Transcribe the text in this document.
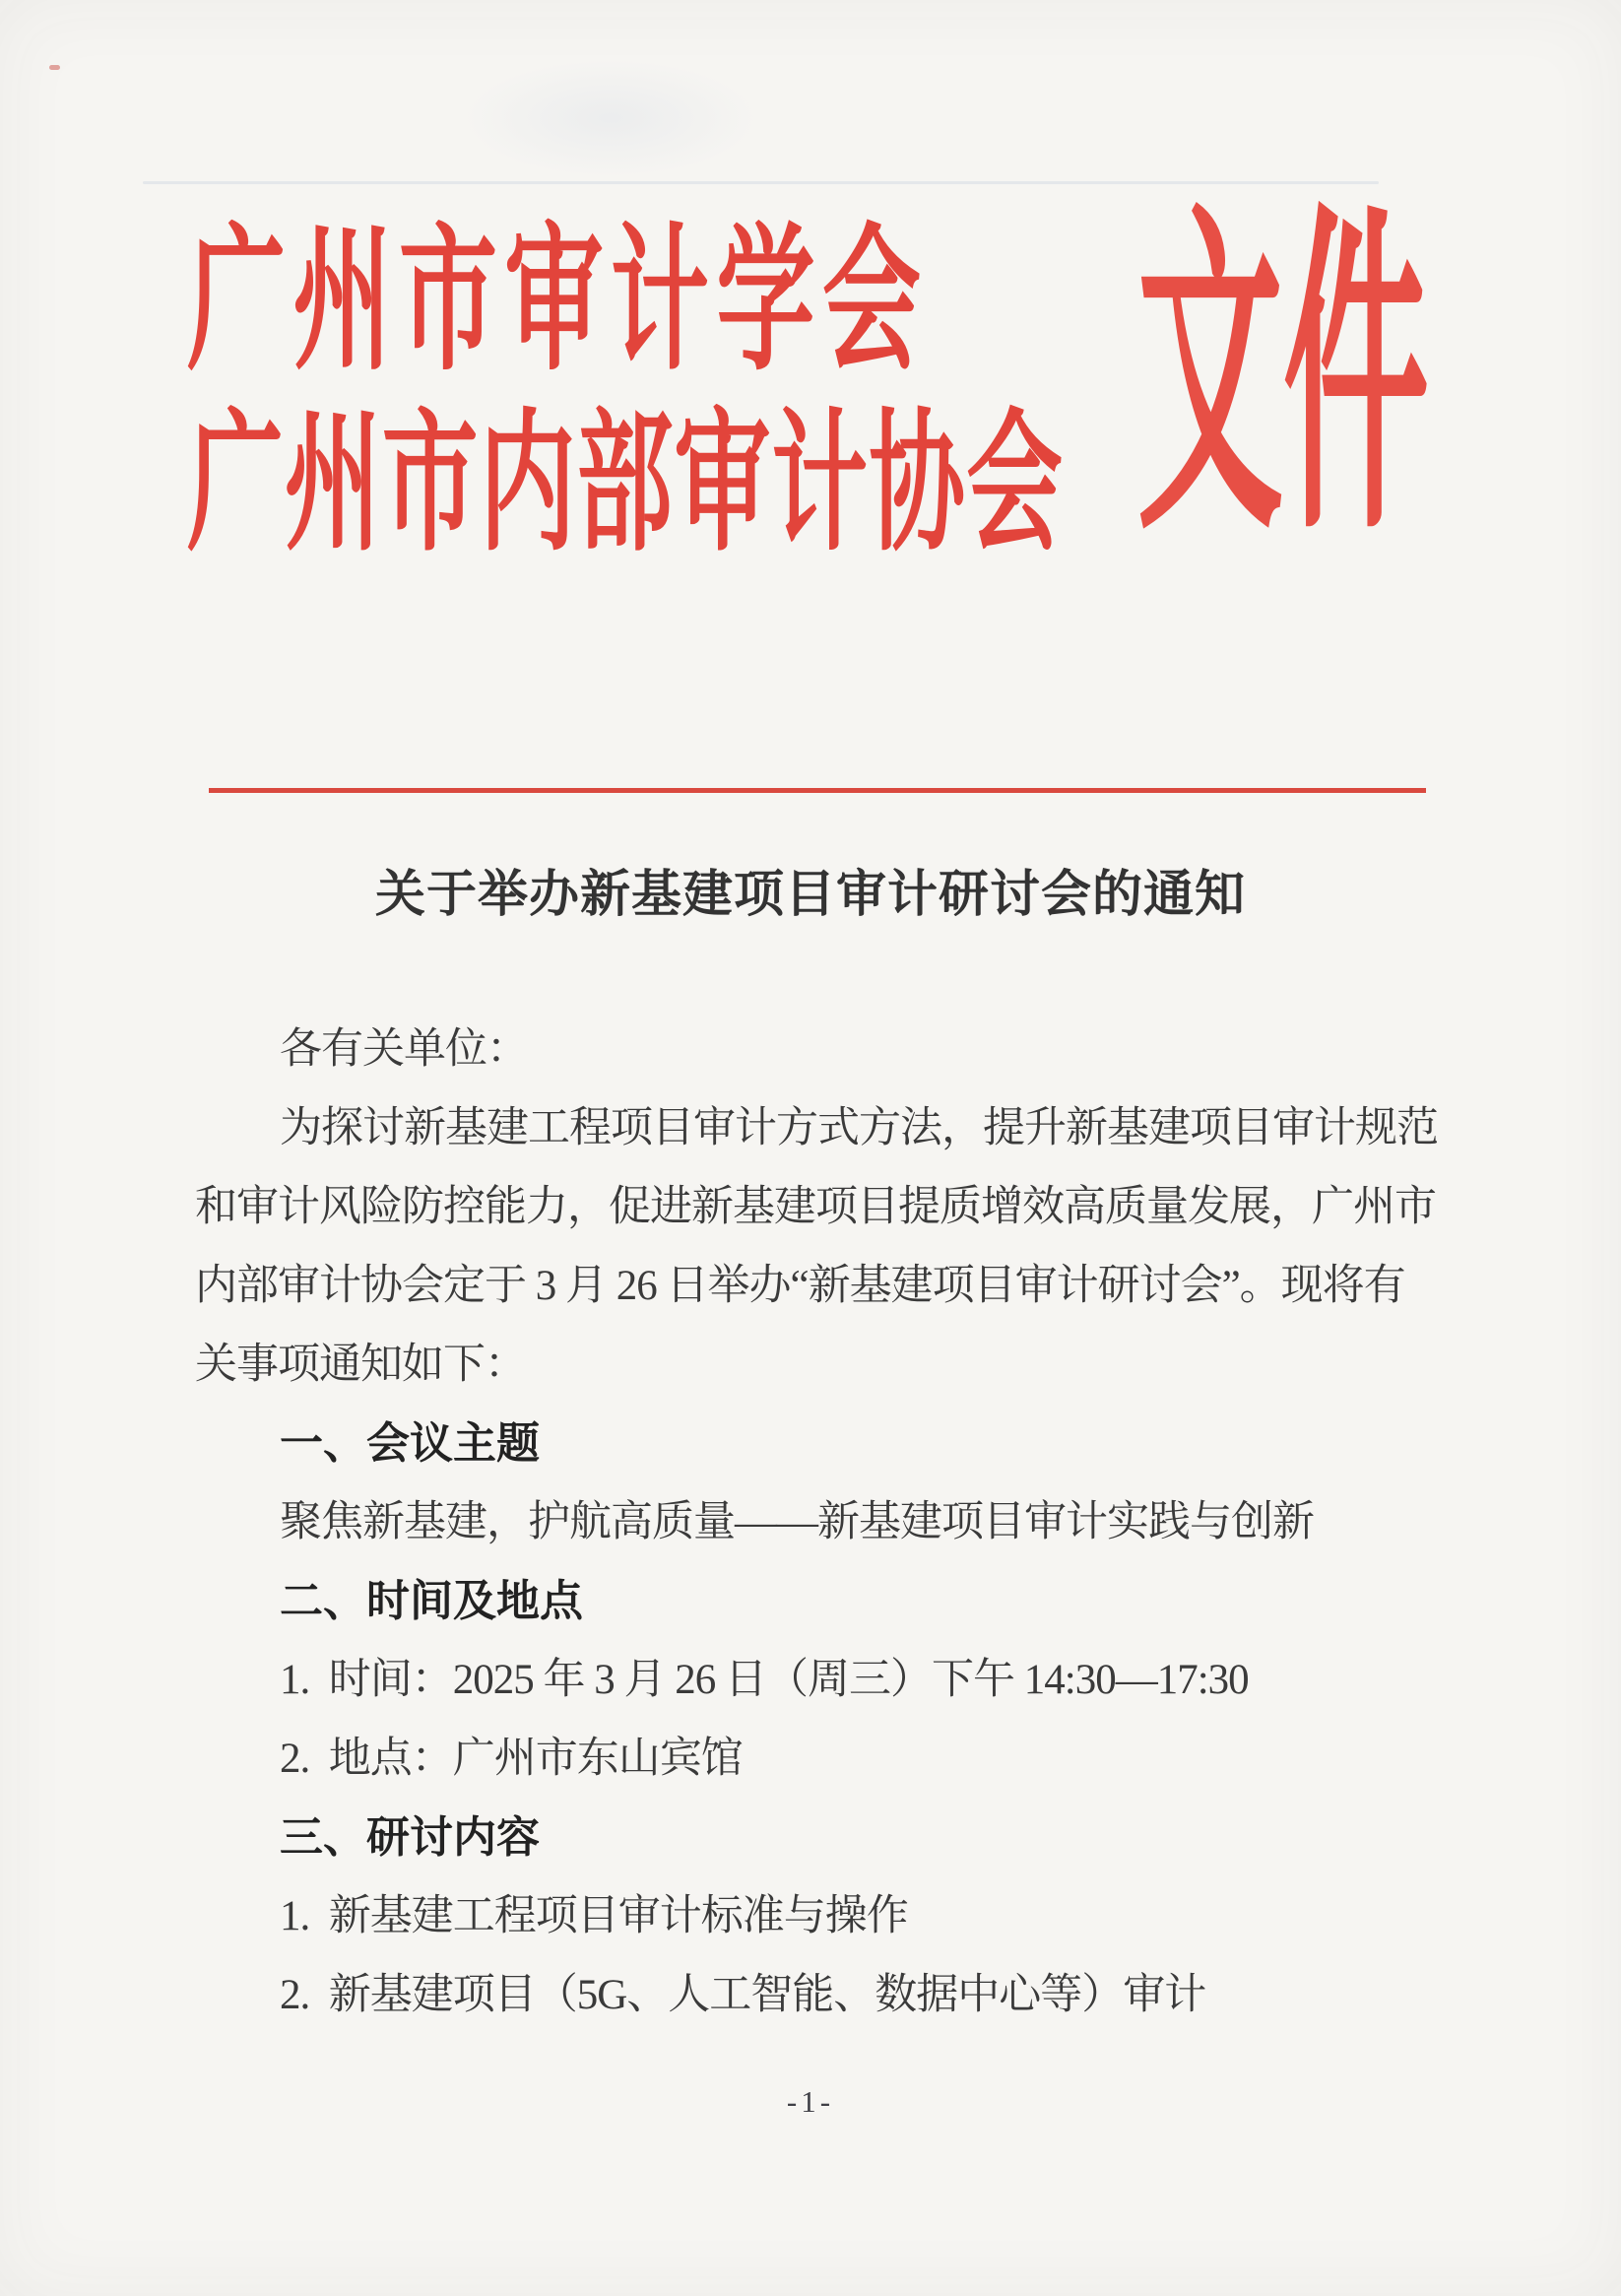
广州市审计学会
广州市内部审计协会 文件
关于举办新基建项目审计研讨会的通知
各有关单位：
为探讨新基建工程项目审计方式方法，提升新基建项目审计规范
和审计风险防控能力，促进新基建项目提质增效高质量发展，广州市
内部审计协会定于 3 月 26 日举办“新基建项目审计研讨会”。现将有
关事项通知如下：
一、会议主题
聚焦新基建，护航高质量——新基建项目审计实践与创新
二、时间及地点
1.  时间：2025 年 3 月 26 日（周三）下午 14:30—17:30
2.  地点：广州市东山宾馆
三、研讨内容
1.  新基建工程项目审计标准与操作
2.  新基建项目（5G、人工智能、数据中心等）审计
-1-
